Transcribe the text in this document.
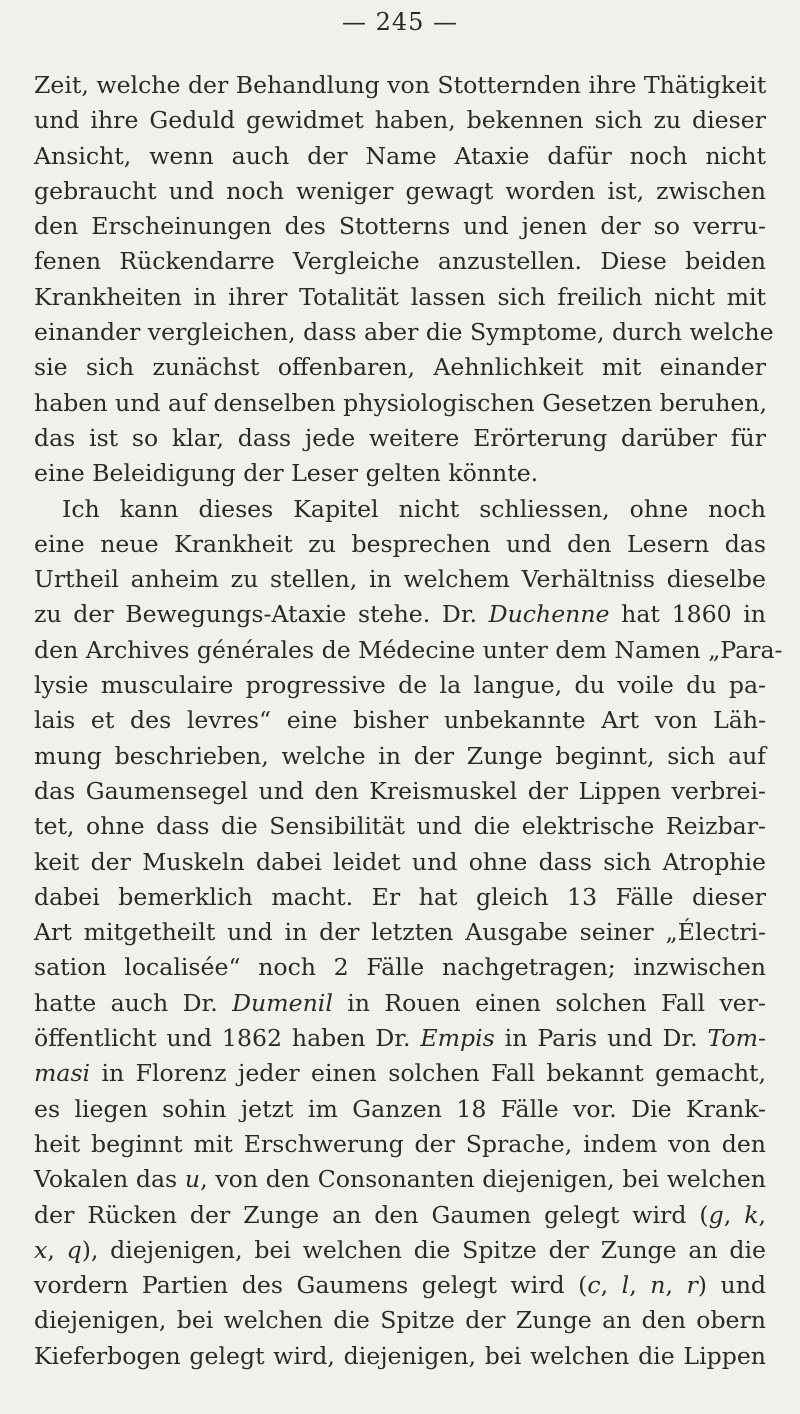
— 245 —
Zeit, welche der Behandlung von Stotternden ihre Thätigkeit
und ihre Geduld gewidmet haben, bekennen sich zu dieser
Ansicht, wenn auch der Name Ataxie dafür noch nicht
gebraucht und noch weniger gewagt worden ist, zwischen
den Erscheinungen des Stotterns und jenen der so verru-
fenen Rückendarre Vergleiche anzustellen. Diese beiden
Krankheiten in ihrer Totalität lassen sich freilich nicht mit
einander vergleichen, dass aber die Symptome, durch welche
sie sich zunächst offenbaren, Aehnlichkeit mit einander
haben und auf denselben physiologischen Gesetzen beruhen,
das ist so klar, dass jede weitere Erörterung darüber für
eine Beleidigung der Leser gelten könnte.
Ich kann dieses Kapitel nicht schliessen, ohne noch
eine neue Krankheit zu besprechen und den Lesern das
Urtheil anheim zu stellen, in welchem Verhältniss dieselbe
zu der Bewegungs-Ataxie stehe. Dr. Duchenne hat 1860 in
den Archives générales de Médecine unter dem Namen „Para-
lysie musculaire progressive de la langue, du voile du pa-
lais et des levres“ eine bisher unbekannte Art von Läh-
mung beschrieben, welche in der Zunge beginnt, sich auf
das Gaumensegel und den Kreismuskel der Lippen verbrei-
tet, ohne dass die Sensibilität und die elektrische Reizbar-
keit der Muskeln dabei leidet und ohne dass sich Atrophie
dabei bemerklich macht. Er hat gleich 13 Fälle dieser
Art mitgetheilt und in der letzten Ausgabe seiner „Électri-
sation localisée“ noch 2 Fälle nachgetragen; inzwischen
hatte auch Dr. Dumenil in Rouen einen solchen Fall ver-
öffentlicht und 1862 haben Dr. Empis in Paris und Dr. Tom-
masi in Florenz jeder einen solchen Fall bekannt gemacht,
es liegen sohin jetzt im Ganzen 18 Fälle vor. Die Krank-
heit beginnt mit Erschwerung der Sprache, indem von den
Vokalen das u, von den Consonanten diejenigen, bei welchen
der Rücken der Zunge an den Gaumen gelegt wird (g, k,
x, q), diejenigen, bei welchen die Spitze der Zunge an die
vordern Partien des Gaumens gelegt wird (c, l, n, r) und
diejenigen, bei welchen die Spitze der Zunge an den obern
Kieferbogen gelegt wird, diejenigen, bei welchen die Lippen
